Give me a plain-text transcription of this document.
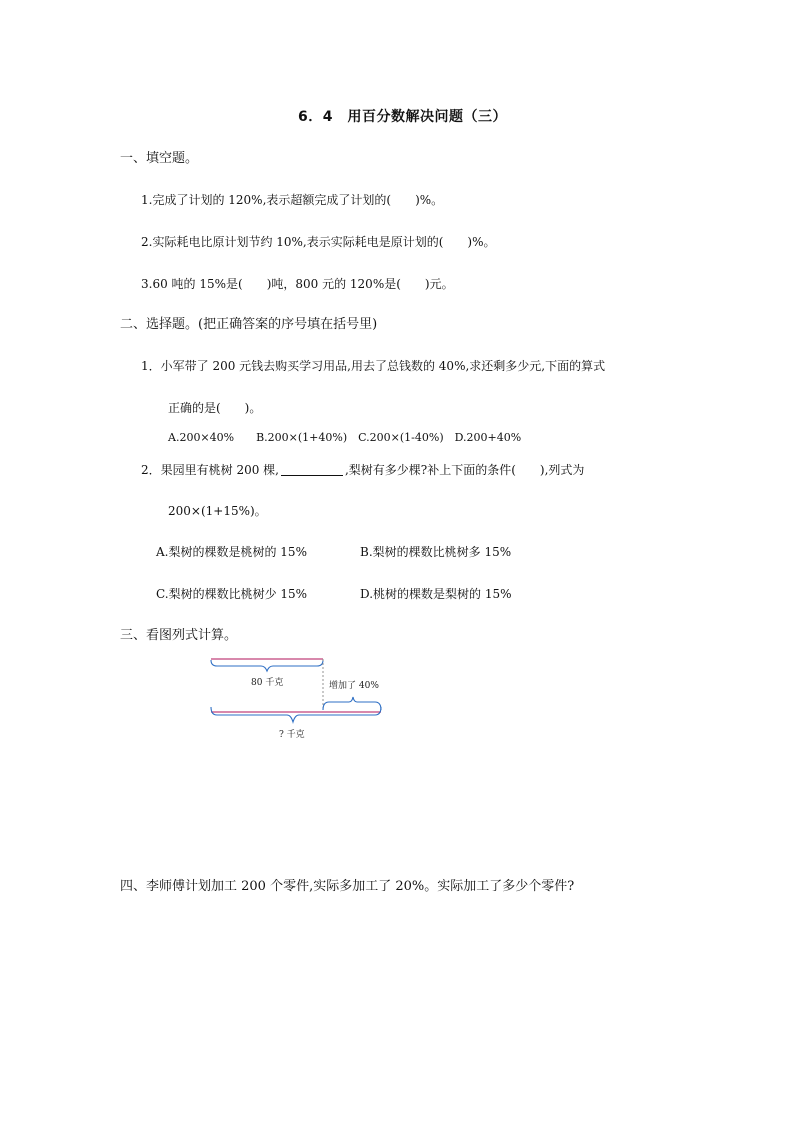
6．4　用百分数解决问题（三）
一、填空题。
1.完成了计划的 120%,表示超额完成了计划的(　　)%。
2.实际耗电比原计划节约 10%,表示实际耗电是原计划的(　　)%。
3.60 吨的 15%是(　　)吨，800 元的 120%是(　　)元。
二、选择题。(把正确答案的序号填在括号里)
1．小军带了 200 元钱去购买学习用品,用去了总钱数的 40%,求还剩多少元,下面的算式
正确的是(　　)。
A.200×40%　　B.200×(1+40%)　C.200×(1-40%)　D.200+40%
2．果园里有桃树 200 棵,	,梨树有多少棵?补上下面的条件(　　),列式为
200×(1+15%)。
A.梨树的棵数是桃树的 15%	B.梨树的棵数比桃树多 15%
C.梨树的棵数比桃树少 15%	D.桃树的棵数是梨树的 15%
三、看图列式计算。
80 千克	增加了 40%
? 千克
四、李师傅计划加工 200 个零件,实际多加工了 20%。实际加工了多少个零件?
